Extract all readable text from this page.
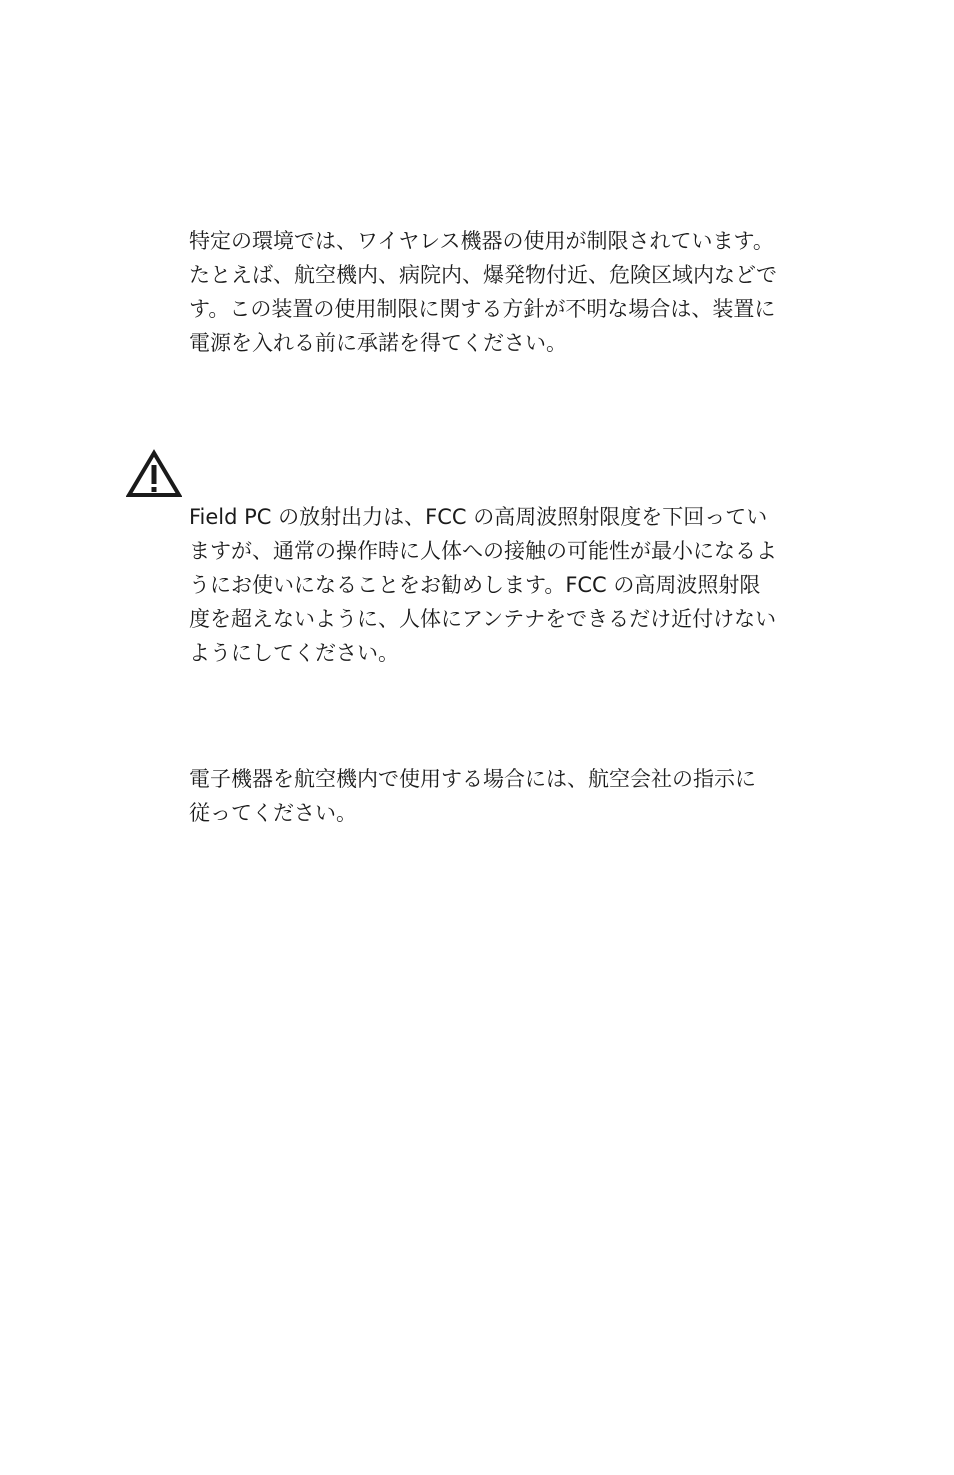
特定の環境では、ワイヤレス機器の使用が制限されています。
たとえば、航空機内、病院内、爆発物付近、危険区域内などで
す。この装置の使用制限に関する方針が不明な場合は、装置に
電源を入れる前に承諾を得てください。

Field PC の放射出力は、FCC の高周波照射限度を下回ってい
ますが、通常の操作時に人体への接触の可能性が最小になるよ
うにお使いになることをお勧めします。FCC の高周波照射限
度を超えないように、人体にアンテナをできるだけ近付けない
ようにしてください。

電子機器を航空機内で使用する場合には、航空会社の指示に
従ってください。
